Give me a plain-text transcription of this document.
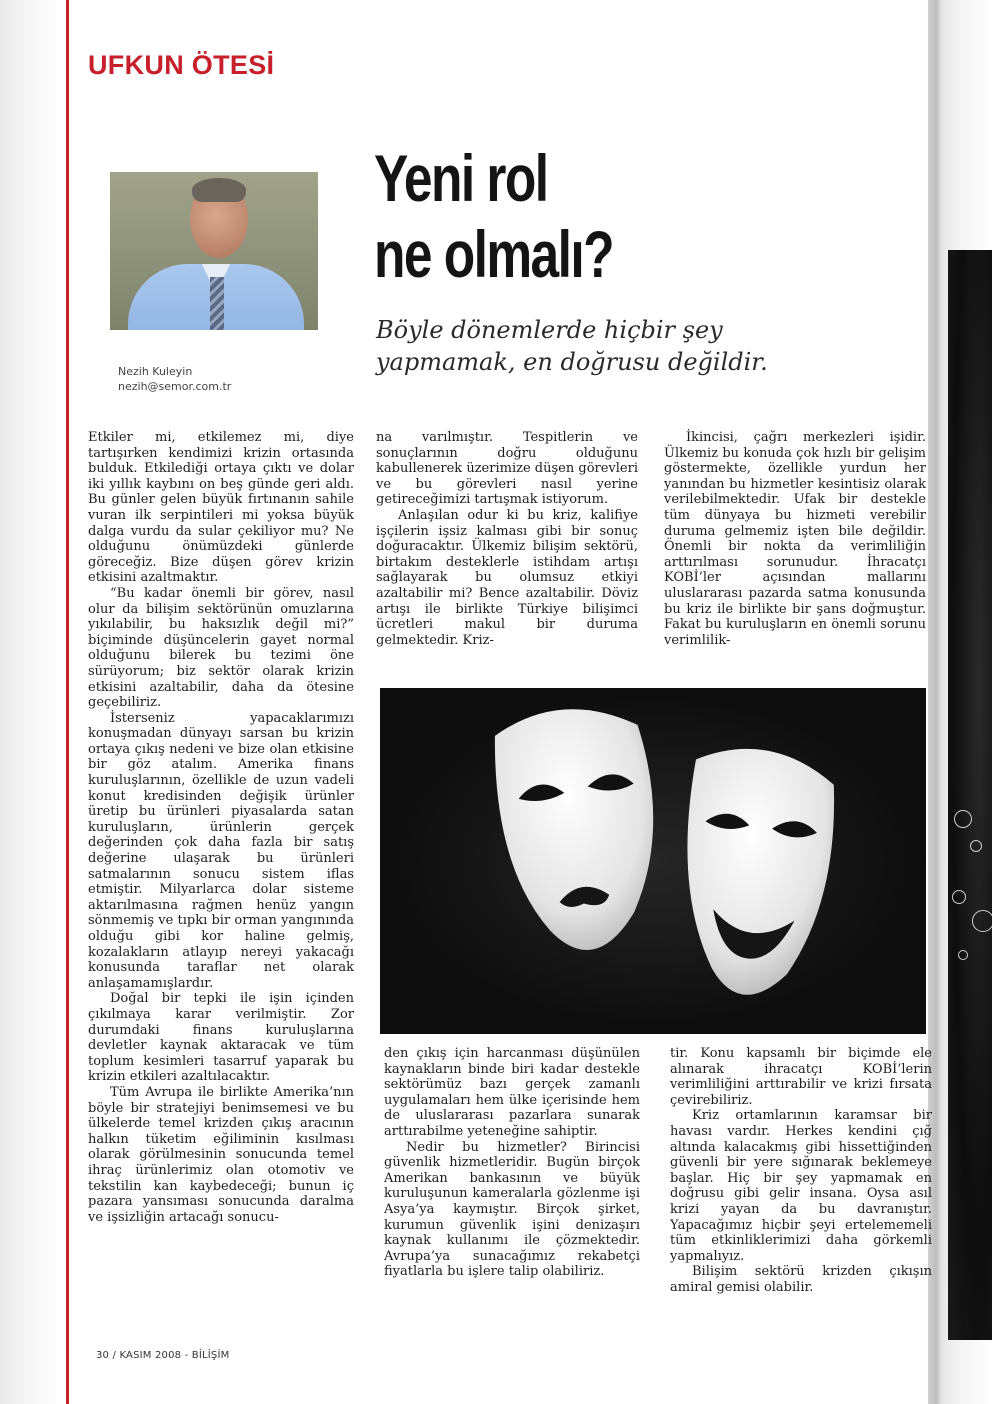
UFKUN ÖTESİ
Nezih Kuleyin
nezih@semor.com.tr
Yeni rol
ne olmalı?

Böyle dönemlerde hiçbir şey
yapmamak, en doğrusu değildir.

Etkiler mi, etkilemez mi, diye tartışırken kendimizi krizin ortasında bulduk. Etkilediği ortaya çıktı ve dolar iki yıllık kaybını on beş günde geri aldı. Bu günler gelen büyük fırtınanın sahile vuran ilk serpintileri mi yoksa büyük dalga vurdu da sular çekiliyor mu? Ne olduğunu önümüzdeki günlerde göreceğiz. Bize düşen görev krizin etkisini azaltmaktır.

“Bu kadar önemli bir görev, nasıl olur da bilişim sektörünün omuzlarına yıkılabilir, bu haksızlık değil mi?” biçiminde düşüncelerin gayet normal olduğunu bilerek bu tezimi öne sürüyorum; biz sektör olarak krizin etkisini azaltabilir, daha da ötesine geçebiliriz.

İsterseniz yapacaklarımızı konuşmadan dünyayı sarsan bu krizin ortaya çıkış nedeni ve bize olan etkisine bir göz atalım. Amerika finans kuruluşlarının, özellikle de uzun vadeli konut kredisinden değişik ürünler üretip bu ürünleri piyasalarda satan kuruluşların, ürünlerin gerçek değerinden çok daha fazla bir satış değerine ulaşarak bu ürünleri satmalarının sonucu sistem iflas etmiştir. Milyarlarca dolar sisteme aktarılmasına rağmen henüz yangın sönmemiş ve tıpkı bir orman yangınında olduğu gibi kor haline gelmiş, kozalakların atlayıp nereyi yakacağı konusunda taraflar net olarak anlaşamamışlardır.

Doğal bir tepki ile işin içinden çıkılmaya karar verilmiştir. Zor durumdaki finans kuruluşlarına devletler kaynak aktaracak ve tüm toplum kesimleri tasarruf yaparak bu krizin etkileri azaltılacaktır.

Tüm Avrupa ile birlikte Amerika’nın böyle bir stratejiyi benimsemesi ve bu ülkelerde temel krizden çıkış aracının halkın tüketim eğiliminin kısılması olarak görülmesinin sonucunda temel ihraç ürünlerimiz olan otomotiv ve tekstilin kan kaybedeceği; bunun iç pazara yansıması sonucunda daralma ve işsizliğin artacağı sonucu-

na varılmıştır. Tespitlerin ve sonuçlarının doğru olduğunu kabullenerek üzerimize düşen görevleri ve bu görevleri nasıl yerine getireceğimizi tartışmak istiyorum.

Anlaşılan odur ki bu kriz, kalifiye işçilerin işsiz kalması gibi bir sonuç doğuracaktır. Ülkemiz bilişim sektörü, birtakım desteklerle istihdam artışı sağlayarak bu olumsuz etkiyi azaltabilir mi? Bence azaltabilir. Döviz artışı ile birlikte Türkiye bilişimci ücretleri makul bir duruma gelmektedir. Kriz-

İkincisi, çağrı merkezleri işidir. Ülkemiz bu konuda çok hızlı bir gelişim göstermekte, özellikle yurdun her yanından bu hizmetler kesintisiz olarak verilebilmektedir. Ufak bir destekle tüm dünyaya bu hizmeti verebilir duruma gelmemiz işten bile değildir. Önemli bir nokta da verimliliğin arttırılması sorunudur. İhracatçı KOBİ’ler açısından mallarını uluslararası pazarda satma konusunda bu kriz ile birlikte bir şans doğmuştur. Fakat bu kuruluşların en önemli sorunu verimlilik-

den çıkış için harcanması düşünülen kaynakların binde biri kadar destekle sektörümüz bazı gerçek zamanlı uygulamaları hem ülke içerisinde hem de uluslararası pazarlara sunarak arttırabilme yeteneğine sahiptir.

Nedir bu hizmetler? Birincisi güvenlik hizmetleridir. Bugün birçok Amerikan bankasının ve büyük kuruluşunun kameralarla gözlenme işi Asya’ya kaymıştır. Birçok şirket, kurumun güvenlik işini denizaşırı kaynak kullanımı ile çözmektedir. Avrupa’ya sunacağımız rekabetçi fiyatlarla bu işlere talip olabiliriz.

tir. Konu kapsamlı bir biçimde ele alınarak ihracatçı KOBİ’lerin verimliliğini arttırabilir ve krizi fırsata çevirebiliriz.

Kriz ortamlarının karamsar bir havası vardır. Herkes kendini çığ altında kalacakmış gibi hissettiğinden güvenli bir yere sığınarak beklemeye başlar. Hiç bir şey yapmamak en doğrusu gibi gelir insana. Oysa asıl krizi yayan da bu davranıştır. Yapacağımız hiçbir şeyi ertelememeli tüm etkinliklerimizi daha görkemli yapmalıyız.

Bilişim sektörü krizden çıkışın amiral gemisi olabilir.

30 / KASIM 2008 - BİLİŞİM
